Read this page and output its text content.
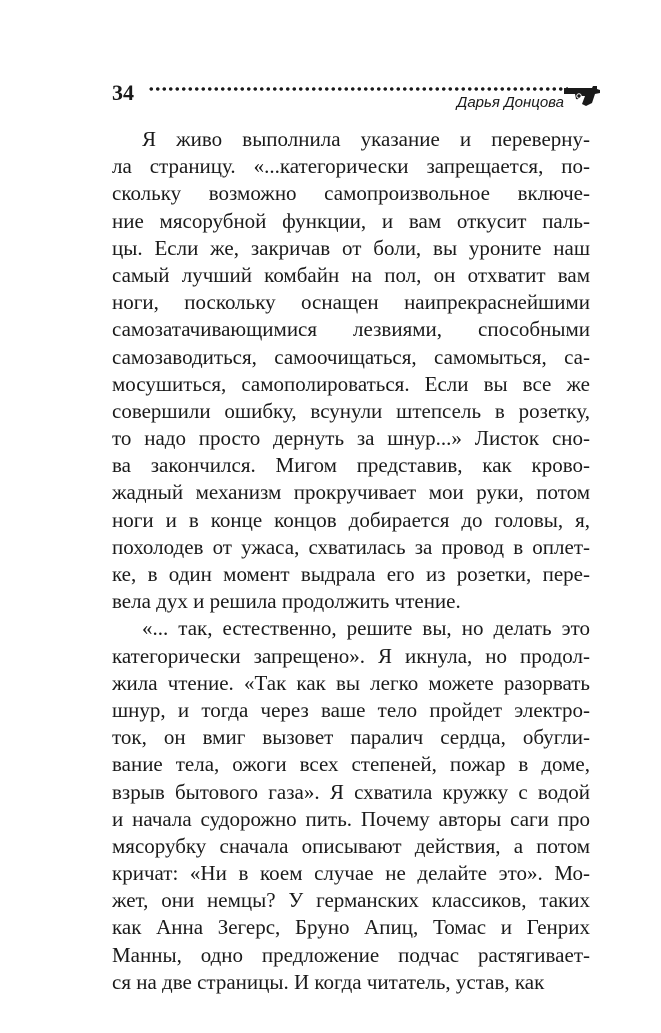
34	Дарья Донцова
Я живо выполнила указание и переверну-
ла страницу. «...категорически запрещается, по-
скольку возможно самопроизвольное включе-
ние мясорубной функции, и вам откусит паль-
цы. Если же, закричав от боли, вы уроните наш
самый лучший комбайн на пол, он отхватит вам
ноги, поскольку оснащен наипрекраснейшими
самозатачивающимися лезвиями, способными
самозаводиться, самоочищаться, самомыться, са-
мосушиться, самополироваться. Если вы все же
совершили ошибку, всунули штепсель в розетку,
то надо просто дернуть за шнур...» Листок сно-
ва закончился. Мигом представив, как крово-
жадный механизм прокручивает мои руки, потом
ноги и в конце концов добирается до головы, я,
похолодев от ужаса, схватилась за провод в оплет-
ке, в один момент выдрала его из розетки, пере-
вела дух и решила продолжить чтение.
«... так, естественно, решите вы, но делать это
категорически запрещено». Я икнула, но продол-
жила чтение. «Так как вы легко можете разорвать
шнур, и тогда через ваше тело пройдет электро-
ток, он вмиг вызовет паралич сердца, обугли-
вание тела, ожоги всех степеней, пожар в доме,
взрыв бытового газа». Я схватила кружку с водой
и начала судорожно пить. Почему авторы саги про
мясорубку сначала описывают действия, а потом
кричат: «Ни в коем случае не делайте это». Мо-
жет, они немцы? У германских классиков, таких
как Анна Зегерс, Бруно Апиц, Томас и Генрих
Манны, одно предложение подчас растягивает-
ся на две страницы. И когда читатель, устав, как
